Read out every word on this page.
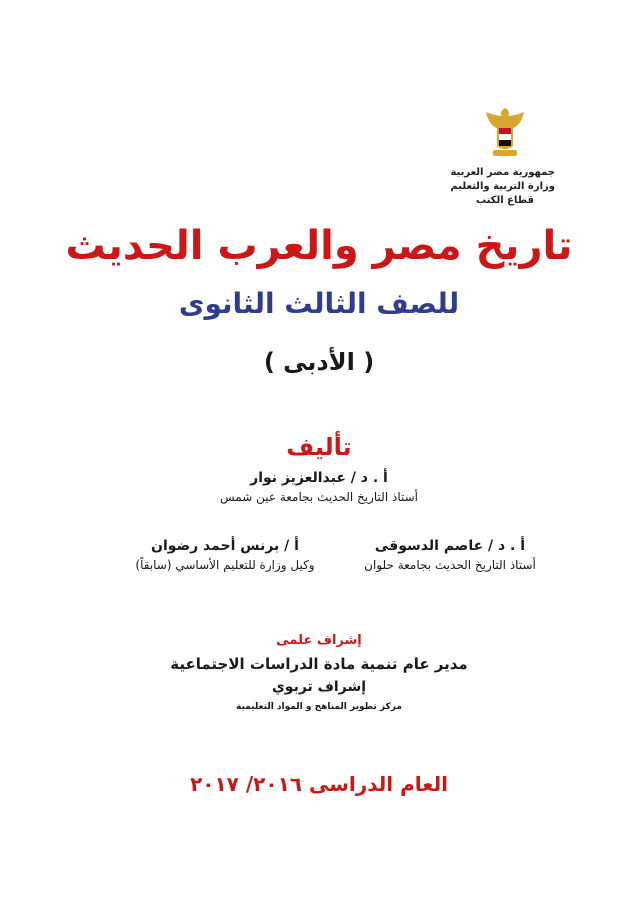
جمهورية مصر العربية
وزارة التربية والتعليم
قطاع الكتب
تاريخ مصر والعرب الحديث
للصف الثالث الثانوى
( الأدبى )
تأليف
أ . د / عبدالعزيز نوار
أستاذ التاريخ الحديث بجامعة عين شمس
أ . د / عاصم الدسوقى
أستاذ التاريخ الحديث بجامعة حلوان
أ / برنس أحمد رضوان
وكيل وزارة للتعليم الأساسي (سابقاً)
إشراف علمى
مدير عام تنمية مادة الدراسات الاجتماعية
إشراف تربوي
مركز تطوير المناهج و المواد التعليمية
العام الدراسى ٢٠١٦/ ٢٠١٧
